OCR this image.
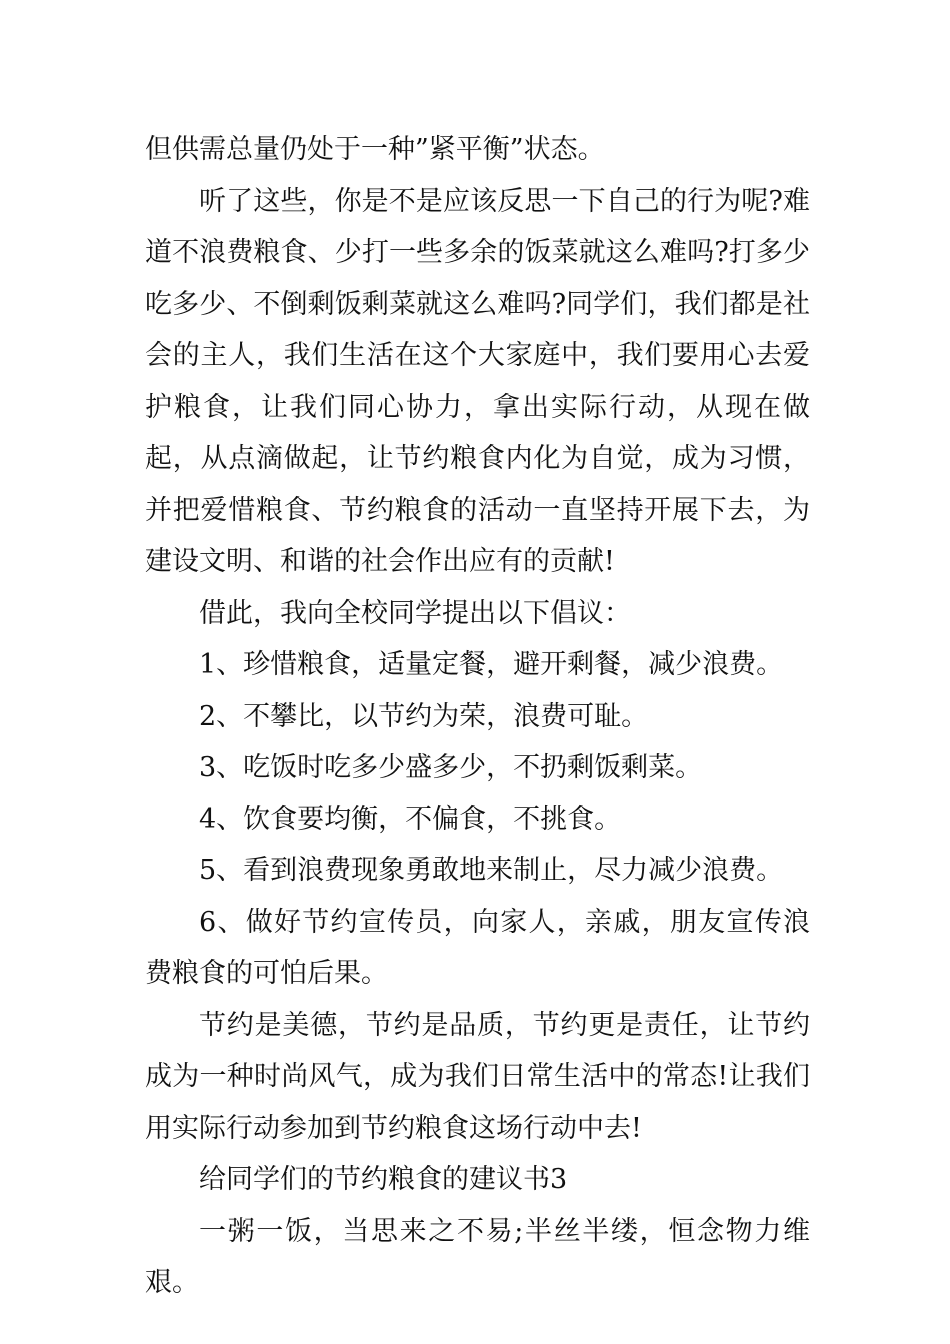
但供需总量仍处于一种”紧平衡”状态。

听了这些，你是不是应该反思一下自己的行为呢?难道不浪费粮食、少打一些多余的饭菜就这么难吗?打多少吃多少、不倒剩饭剩菜就这么难吗?同学们，我们都是社会的主人，我们生活在这个大家庭中，我们要用心去爱护粮食，让我们同心协力，拿出实际行动，从现在做起，从点滴做起，让节约粮食内化为自觉，成为习惯，并把爱惜粮食、节约粮食的活动一直坚持开展下去，为建设文明、和谐的社会作出应有的贡献!

借此，我向全校同学提出以下倡议：

1、珍惜粮食，适量定餐，避开剩餐，减少浪费。

2、不攀比，以节约为荣，浪费可耻。

3、吃饭时吃多少盛多少，不扔剩饭剩菜。

4、饮食要均衡，不偏食，不挑食。

5、看到浪费现象勇敢地来制止，尽力减少浪费。

6、做好节约宣传员，向家人，亲戚，朋友宣传浪费粮食的可怕后果。

节约是美德，节约是品质，节约更是责任，让节约成为一种时尚风气，成为我们日常生活中的常态!让我们用实际行动参加到节约粮食这场行动中去!

给同学们的节约粮食的建议书3

一粥一饭，当思来之不易;半丝半缕，恒念物力维艰。
